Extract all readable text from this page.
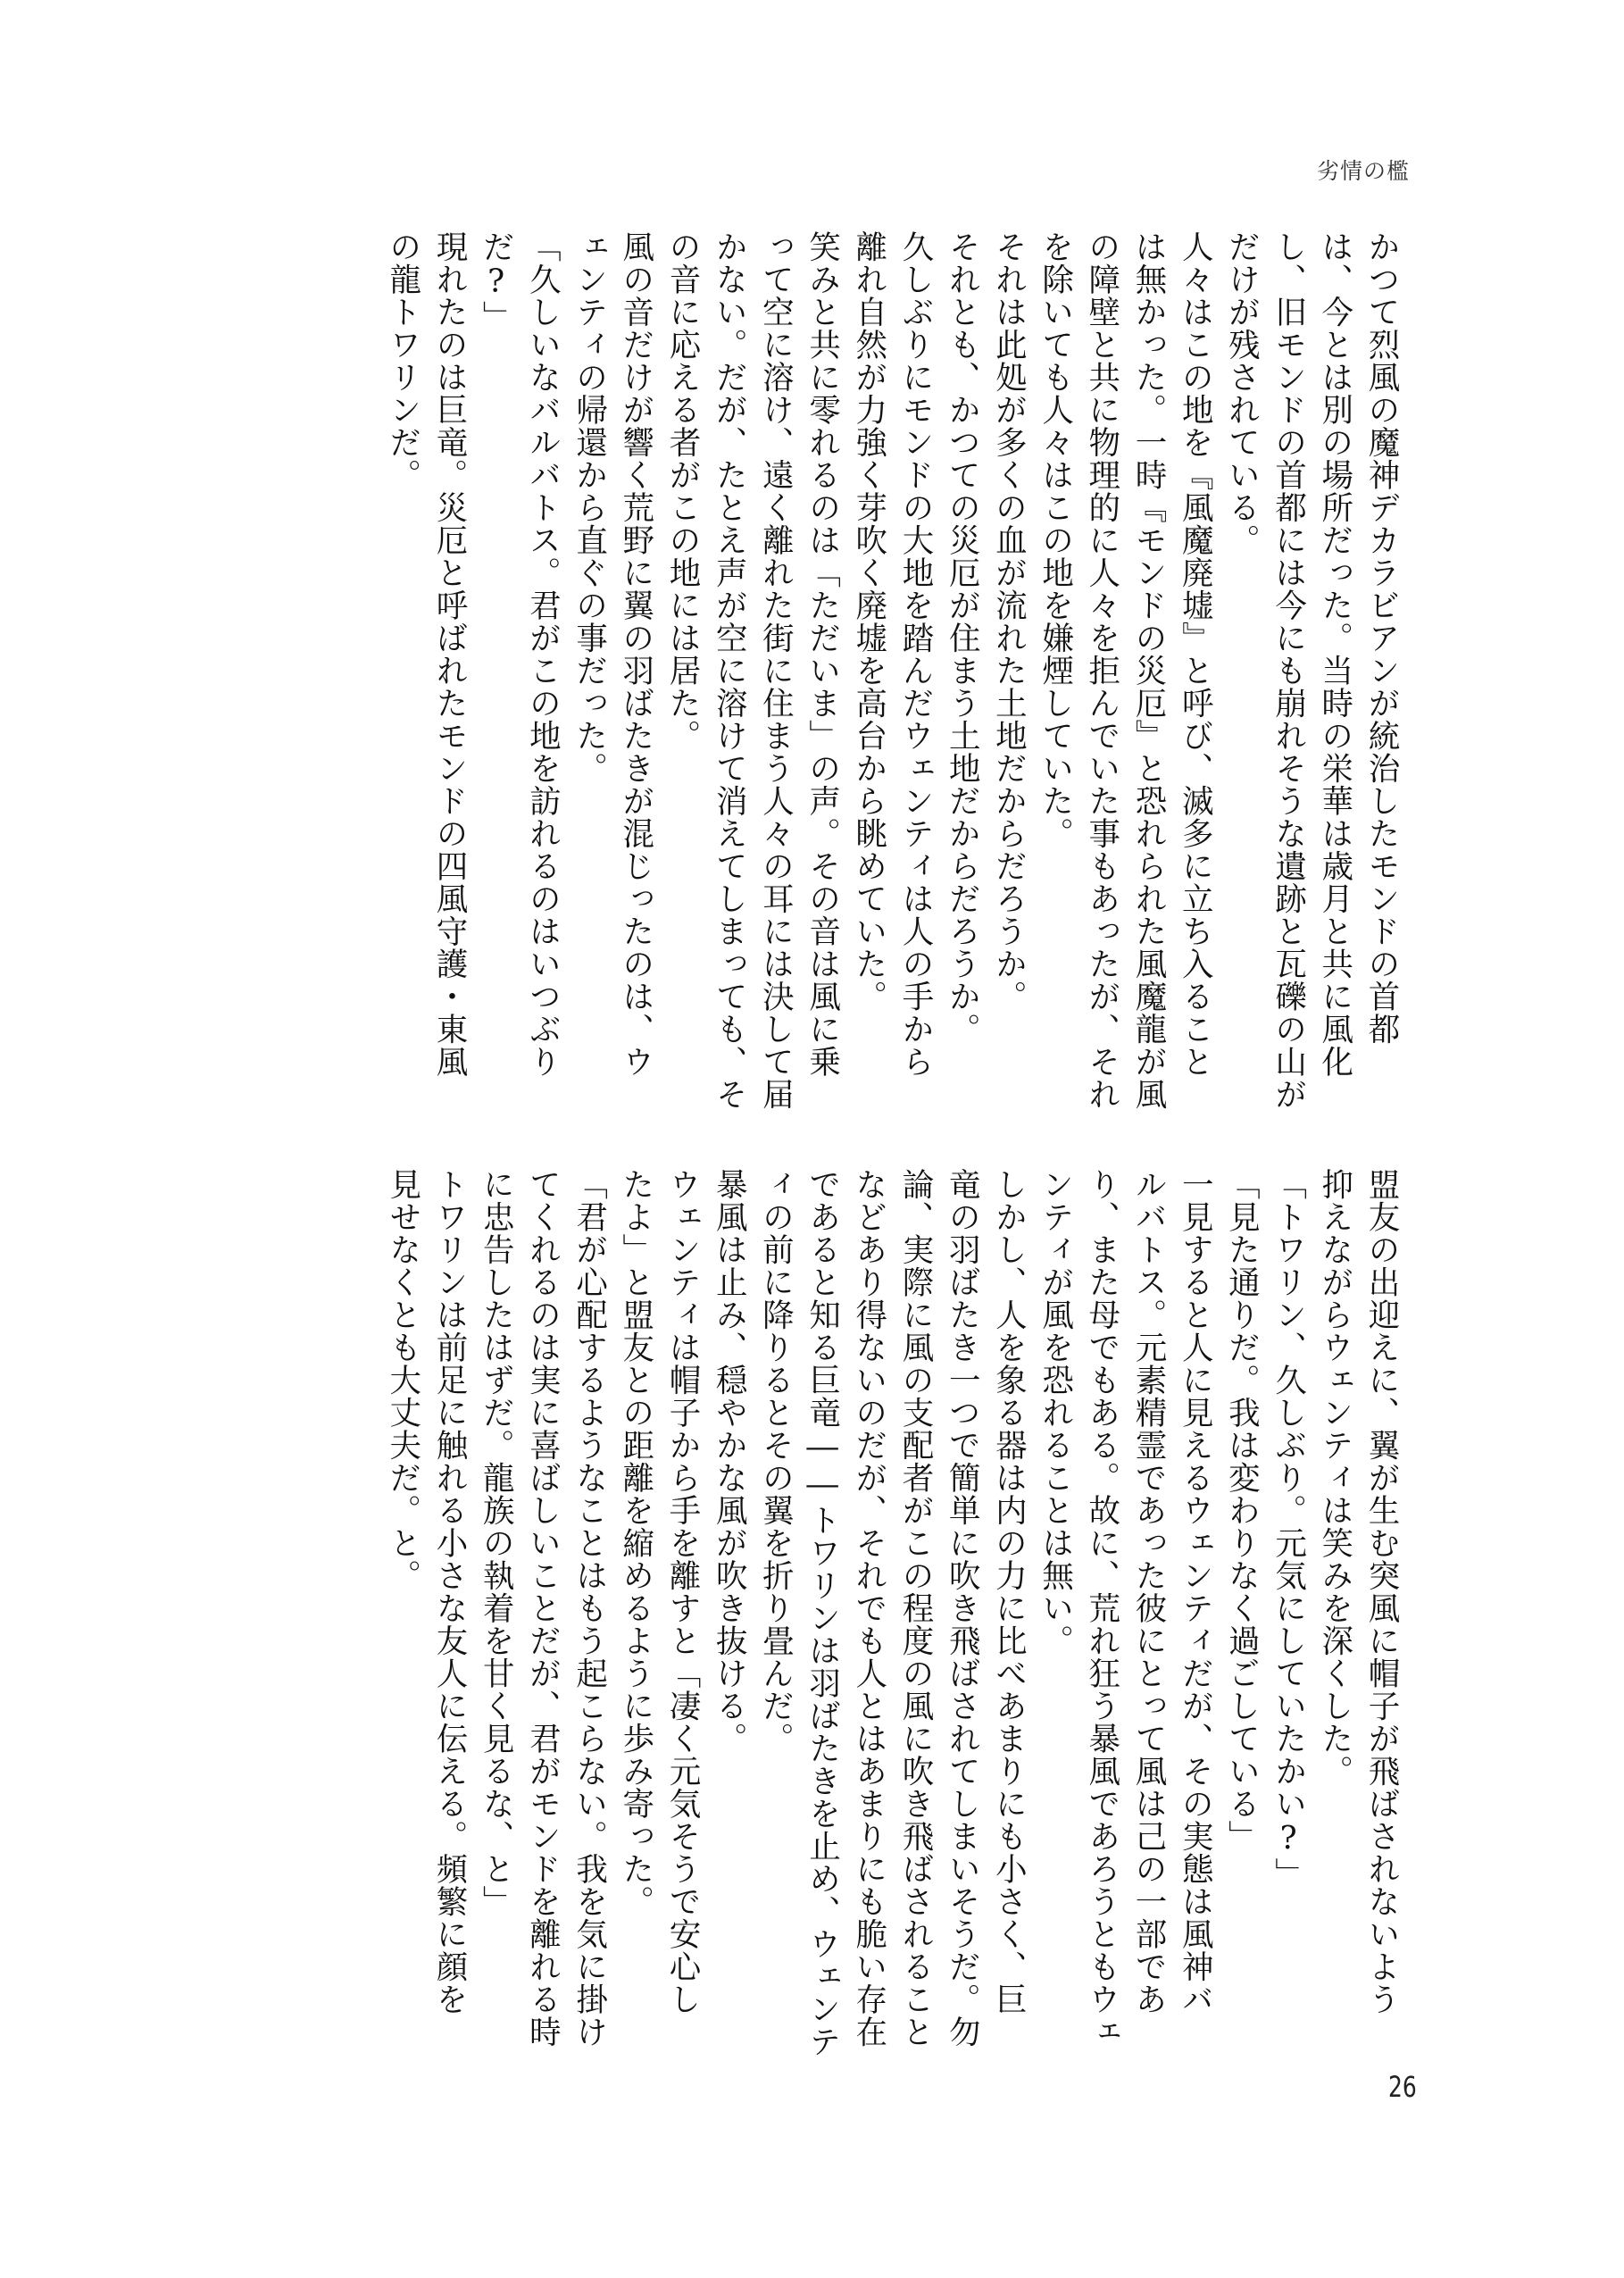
劣情の檻
かつて烈風の魔神デカラビアンが統治したモンドの首都
は、今とは別の場所だった。当時の栄華は歳月と共に風化
し、旧モンドの首都には今にも崩れそうな遺跡と瓦礫の山が
だけが残されている。
人々はこの地を『風魔廃墟』と呼び、滅多に立ち入ること
は無かった。一時『モンドの災厄』と恐れられた風魔龍が風
の障壁と共に物理的に人々を拒んでいた事もあったが、それ
を除いても人々はこの地を嫌煙していた。
それは此処が多くの血が流れた土地だからだろうか。
それとも、かつての災厄が住まう土地だからだろうか。
久しぶりにモンドの大地を踏んだウェンティは人の手から
離れ自然が力強く芽吹く廃墟を高台から眺めていた。
笑みと共に零れるのは「ただいま」の声。その音は風に乗
って空に溶け、遠く離れた街に住まう人々の耳には決して届
かない。だが、たとえ声が空に溶けて消えてしまっても、そ
の音に応える者がこの地には居た。
風の音だけが響く荒野に翼の羽ばたきが混じったのは、ウ
ェンティの帰還から直ぐの事だった。
「久しいなバルバトス。君がこの地を訪れるのはいつぶり
だ?」
現れたのは巨竜。災厄と呼ばれたモンドの四風守護・東風
の龍トワリンだ。
盟友の出迎えに、翼が生む突風に帽子が飛ばされないよう
抑えながらウェンティは笑みを深くした。
「トワリン、久しぶり。元気にしていたかい?」
「見た通りだ。我は変わりなく過ごしている」
一見すると人に見えるウェンティだが、その実態は風神バ
ルバトス。元素精霊であった彼にとって風は己の一部であ
り、また母でもある。故に、荒れ狂う暴風であろうともウェ
ンティが風を恐れることは無い。
しかし、人を象る器は内の力に比べあまりにも小さく、巨
竜の羽ばたき一つで簡単に吹き飛ばされてしまいそうだ。勿
論、実際に風の支配者がこの程度の風に吹き飛ばされること
などあり得ないのだが、それでも人とはあまりにも脆い存在
であると知る巨竜――トワリンは羽ばたきを止め、ウェンテ
ィの前に降りるとその翼を折り畳んだ。
暴風は止み、穏やかな風が吹き抜ける。
ウェンティは帽子から手を離すと「凄く元気そうで安心し
たよ」と盟友との距離を縮めるように歩み寄った。
「君が心配するようなことはもう起こらない。我を気に掛け
てくれるのは実に喜ばしいことだが、君がモンドを離れる時
に忠告したはずだ。龍族の執着を甘く見るな、と」
トワリンは前足に触れる小さな友人に伝える。頻繁に顔を
見せなくとも大丈夫だ。と。
26
